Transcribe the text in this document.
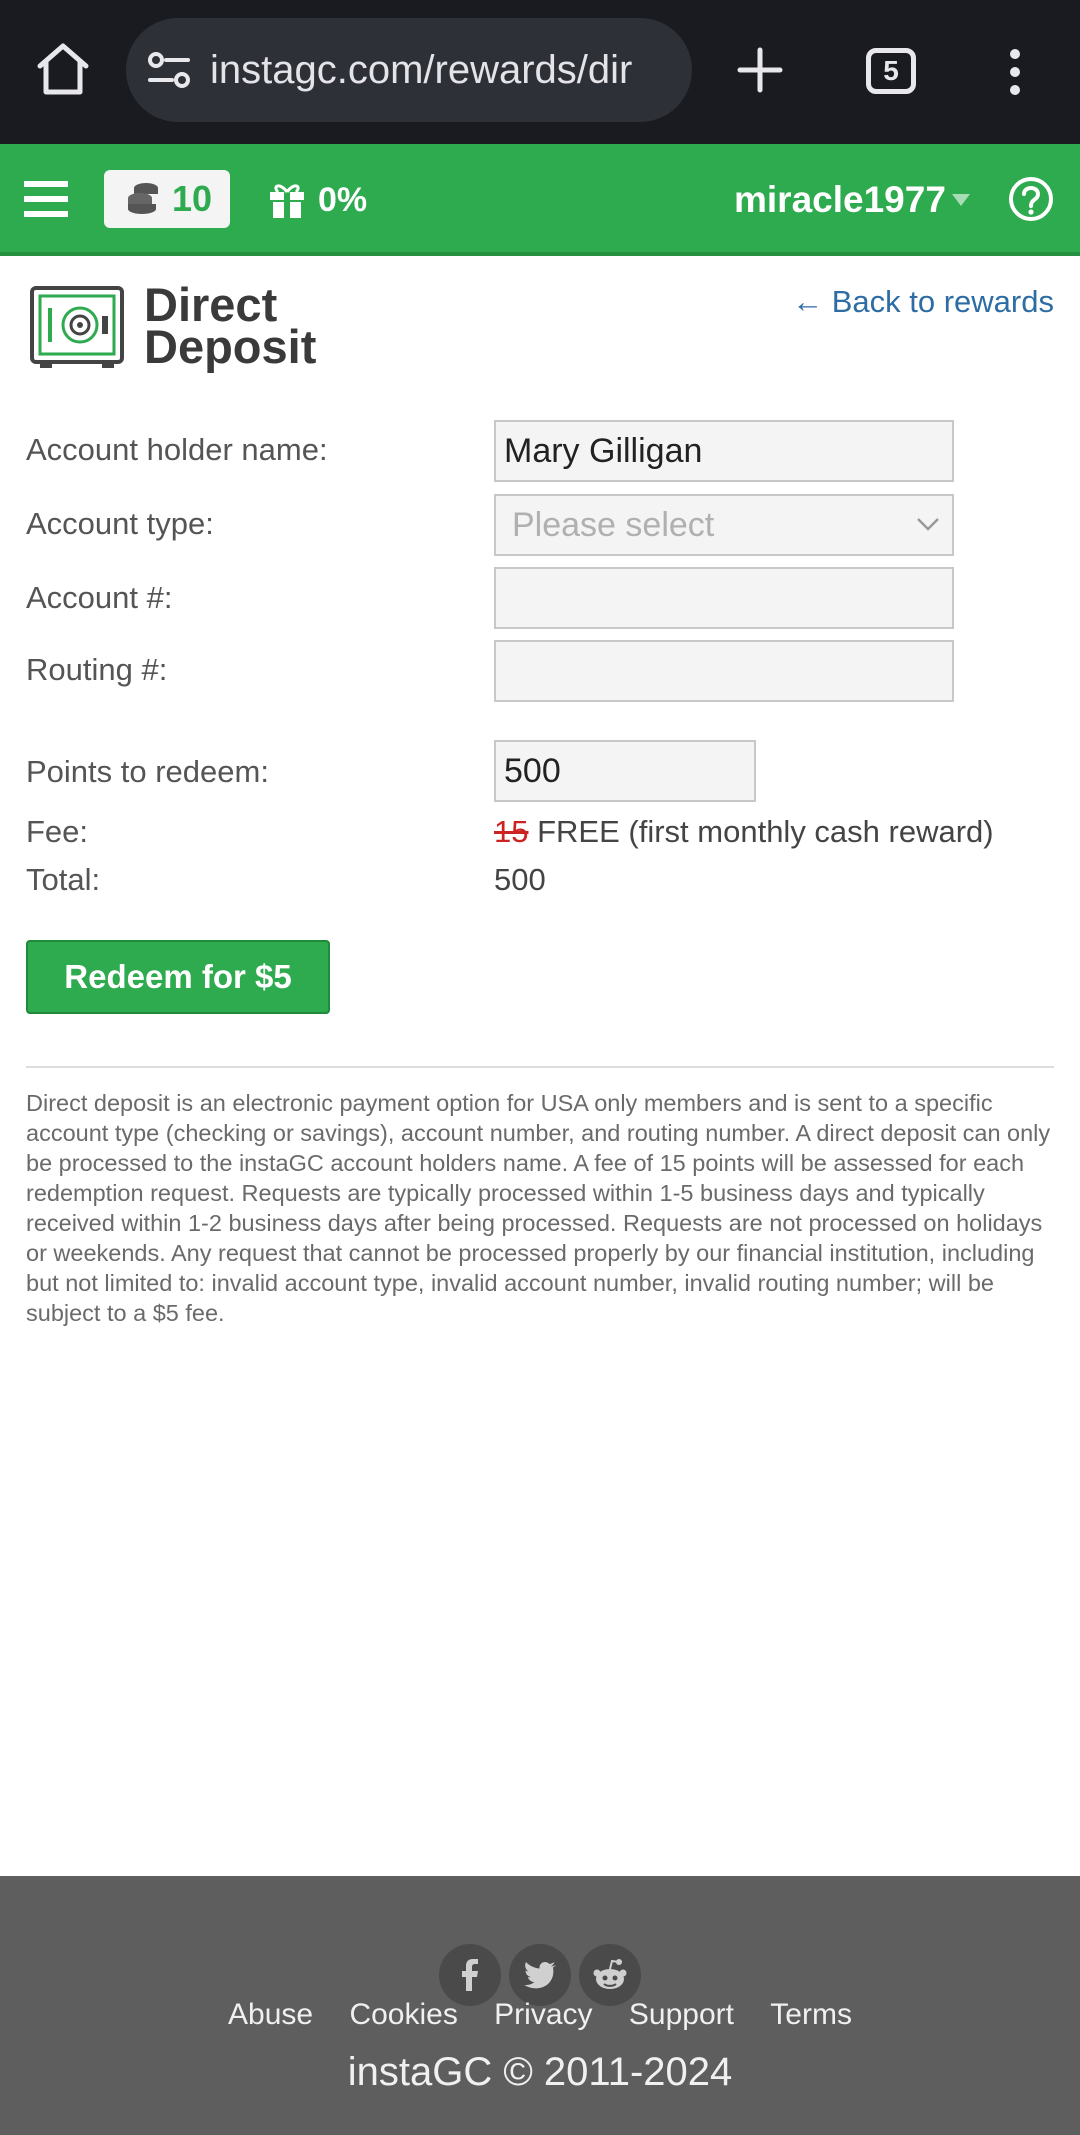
instagc.com/rewards/dir	5
10	0%	miracle1977
Direct
Deposit
← Back to rewards
Account holder name:	Mary Gilligan
Account type:	Please select
Account #:
Routing #:
Points to redeem:	500
Fee:	15 FREE (first monthly cash reward)
Total:	500
Redeem for $5

Direct deposit is an electronic payment option for USA only members and is sent to a specific account type (checking or savings), account number, and routing number. A direct deposit can only be processed to the instaGC account holders name. A fee of 15 points will be assessed for each redemption request. Requests are typically processed within 1-5 business days and typically received within 1-2 business days after being processed. Requests are not processed on holidays or weekends. Any request that cannot be processed properly by our financial institution, including but not limited to: invalid account type, invalid account number, invalid routing number; will be subject to a $5 fee.

Abuse Cookies Privacy Support Terms
instaGC © 2011-2024
